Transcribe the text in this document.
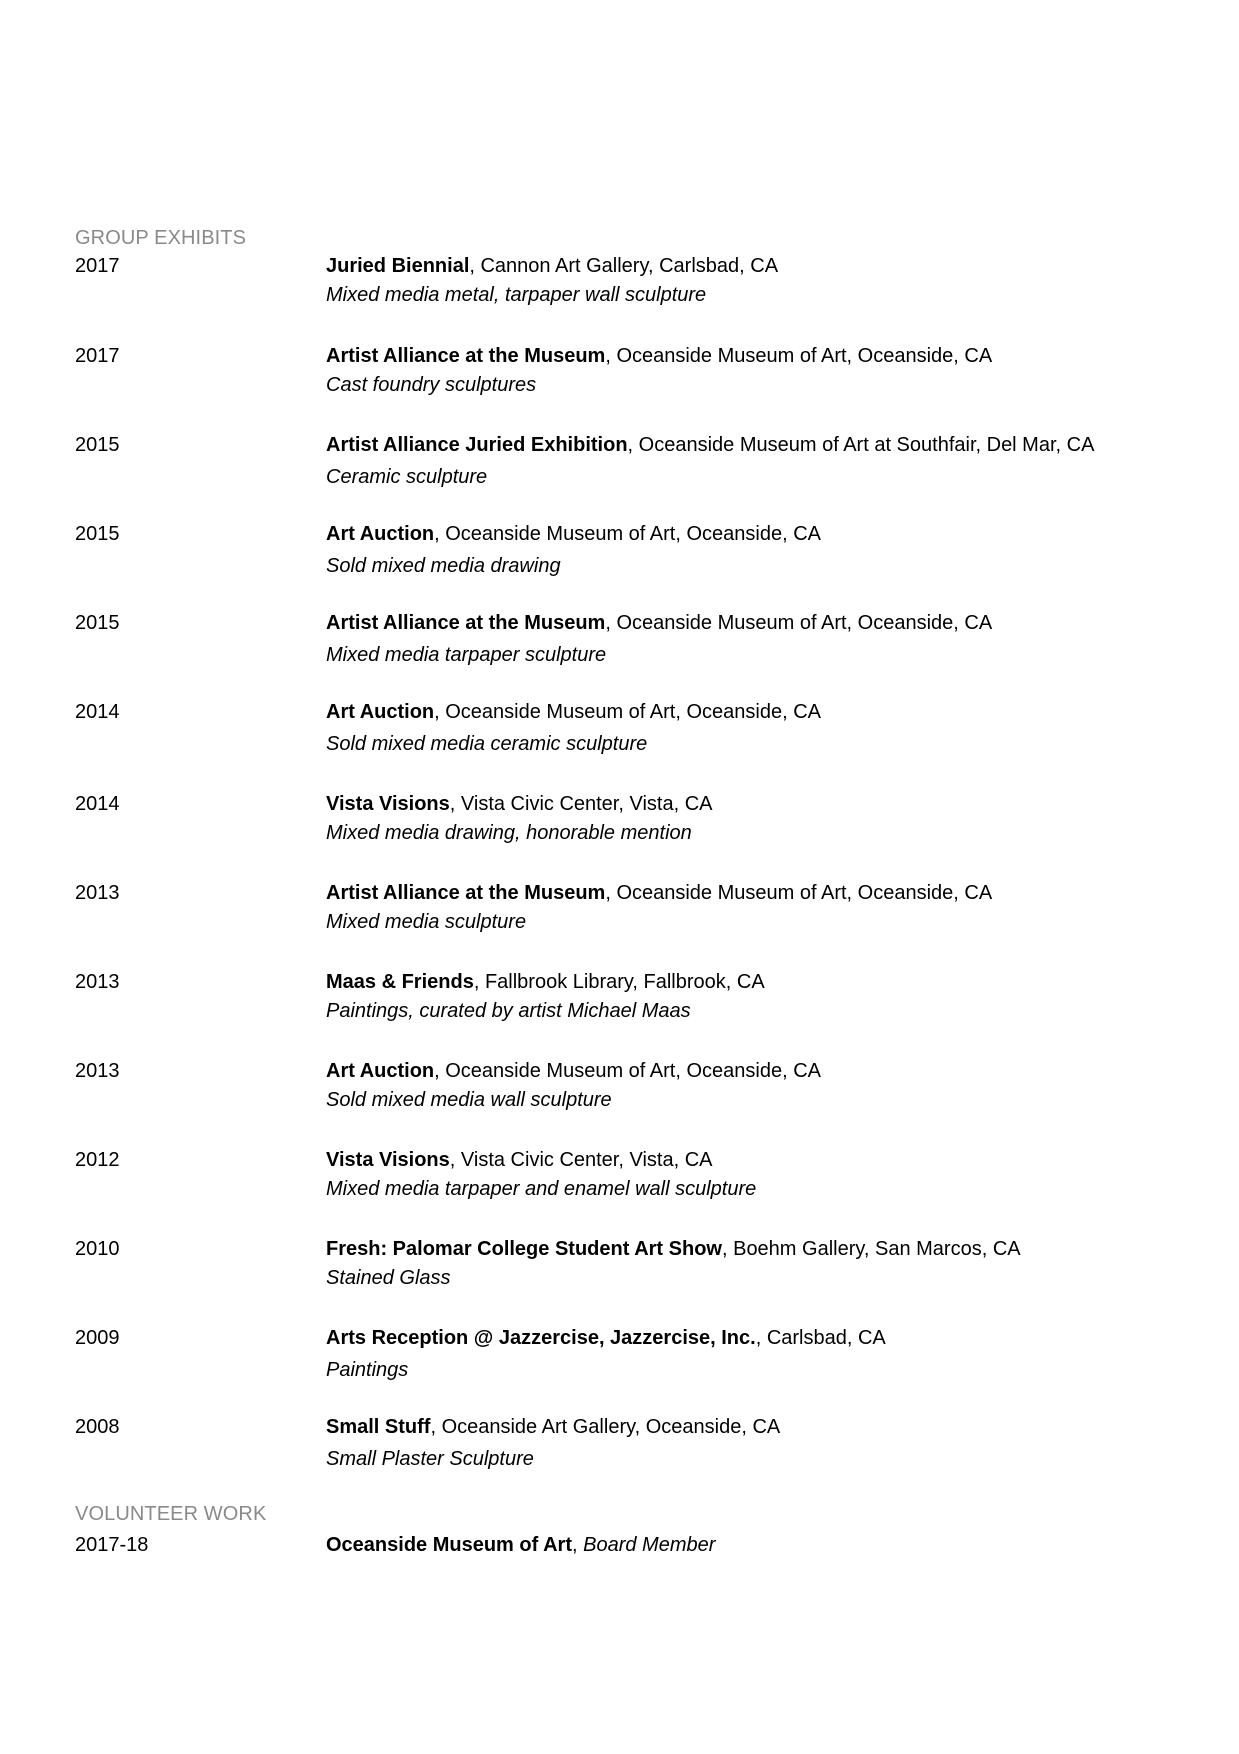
GROUP EXHIBITS
2017	Juried Biennial, Cannon Art Gallery, Carlsbad, CA
Mixed media metal, tarpaper wall sculpture
2017	Artist Alliance at the Museum, Oceanside Museum of Art, Oceanside, CA
Cast foundry sculptures
2015	Artist Alliance Juried Exhibition, Oceanside Museum of Art at Southfair, Del Mar, CA
Ceramic sculpture
2015	Art Auction, Oceanside Museum of Art, Oceanside, CA
Sold mixed media drawing
2015	Artist Alliance at the Museum, Oceanside Museum of Art, Oceanside, CA
Mixed media tarpaper sculpture
2014	Art Auction, Oceanside Museum of Art, Oceanside, CA
Sold mixed media ceramic sculpture
2014	Vista Visions, Vista Civic Center, Vista, CA
Mixed media drawing, honorable mention
2013	Artist Alliance at the Museum, Oceanside Museum of Art, Oceanside, CA
Mixed media sculpture
2013	Maas & Friends, Fallbrook Library, Fallbrook, CA
Paintings, curated by artist Michael Maas
2013	Art Auction, Oceanside Museum of Art, Oceanside, CA
Sold mixed media wall sculpture
2012	Vista Visions, Vista Civic Center, Vista, CA
Mixed media tarpaper and enamel wall sculpture
2010	Fresh: Palomar College Student Art Show, Boehm Gallery, San Marcos, CA
Stained Glass
2009	Arts Reception @ Jazzercise, Jazzercise, Inc., Carlsbad, CA
Paintings
2008	Small Stuff, Oceanside Art Gallery, Oceanside, CA
Small Plaster Sculpture
VOLUNTEER WORK
2017-18	Oceanside Museum of Art, Board Member
